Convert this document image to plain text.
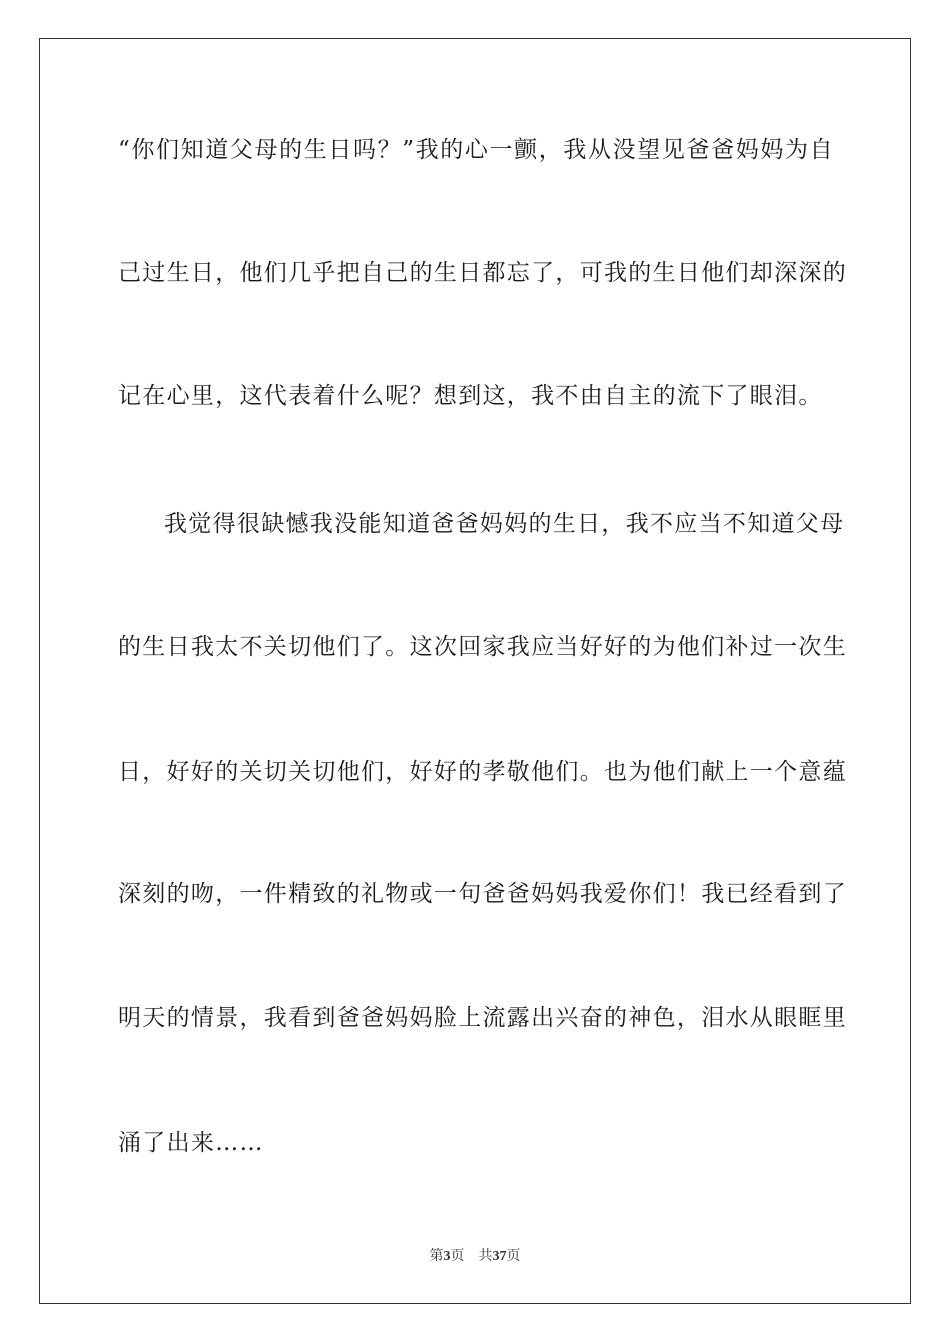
“你们知道父母的生日吗？”我的心一颤，我从没望见爸爸妈妈为自
己过生日，他们几乎把自己的生日都忘了，可我的生日他们却深深的
记在心里，这代表着什么呢？想到这，我不由自主的流下了眼泪。
我觉得很缺憾我没能知道爸爸妈妈的生日，我不应当不知道父母
的生日我太不关切他们了。这次回家我应当好好的为他们补过一次生
日，好好的关切关切他们，好好的孝敬他们。也为他们献上一个意蕴
深刻的吻，一件精致的礼物或一句爸爸妈妈我爱你们！我已经看到了
明天的情景，我看到爸爸妈妈脸上流露出兴奋的神色，泪水从眼眶里
涌了出来……
第3页 共37页
